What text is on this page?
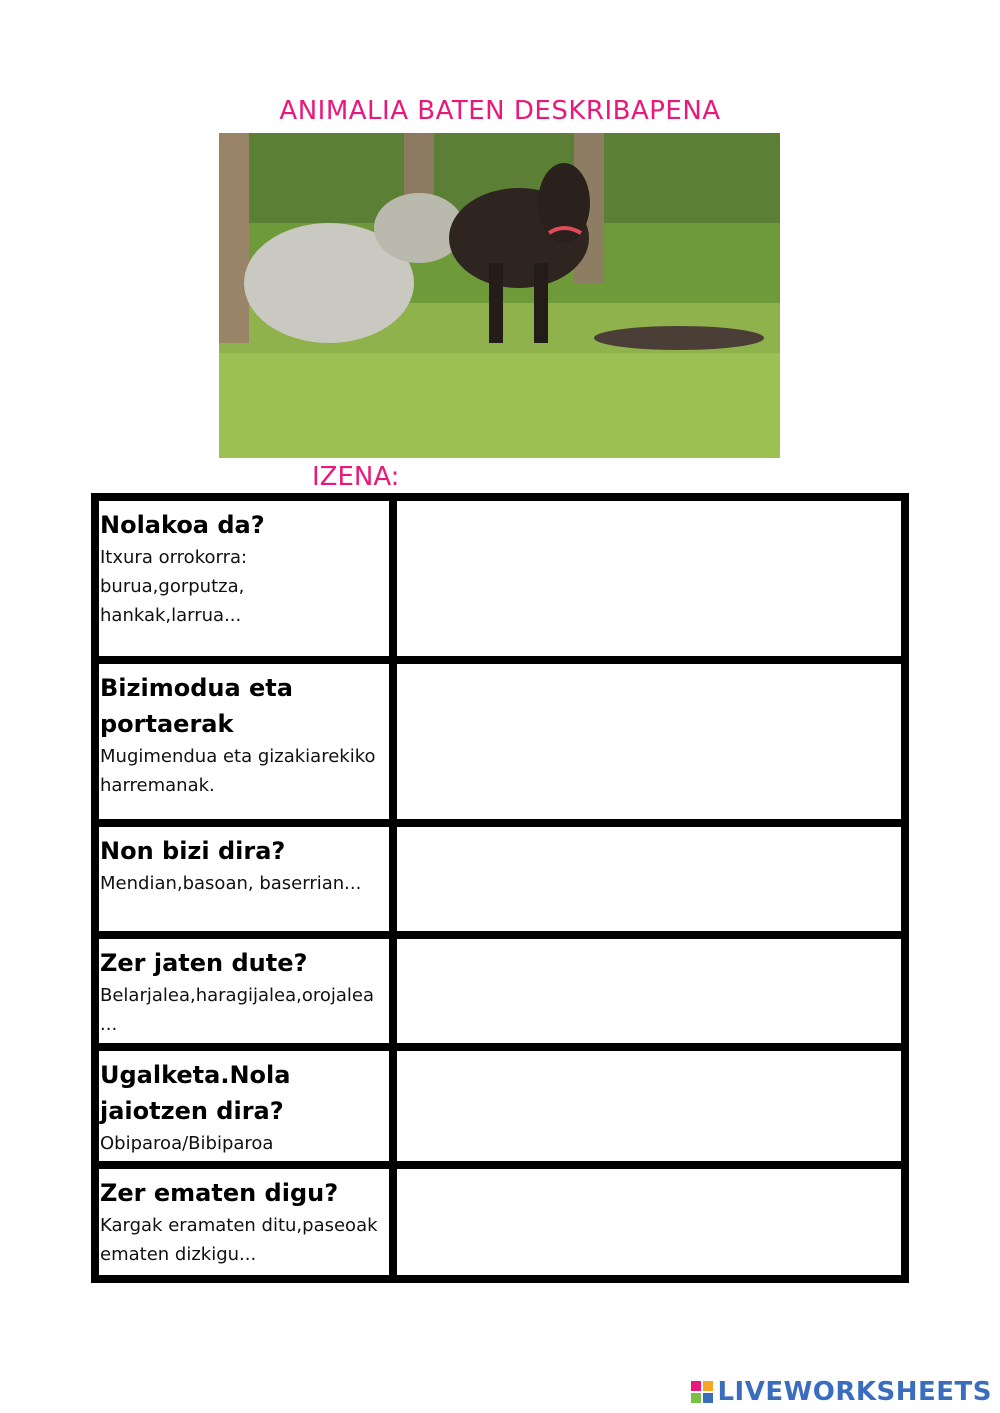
ANIMALIA BATEN DESKRIBAPENA
IZENA:
Nolakoa da?
Itxura orrokorra: burua,gorputza, hankak,larrua...
Bizimodua eta portaerak
Mugimendua eta gizakiarekiko harremanak.
Non bizi dira?
Mendian,basoan, baserrian...
Zer jaten dute?
Belarjalea,haragijalea,orojalea ...
Ugalketa.Nola jaiotzen dira?
Obiparoa/Bibiparoa
Zer ematen digu?
Kargak eramaten ditu,paseoak ematen dizkigu...
LIVEWORKSHEETS
